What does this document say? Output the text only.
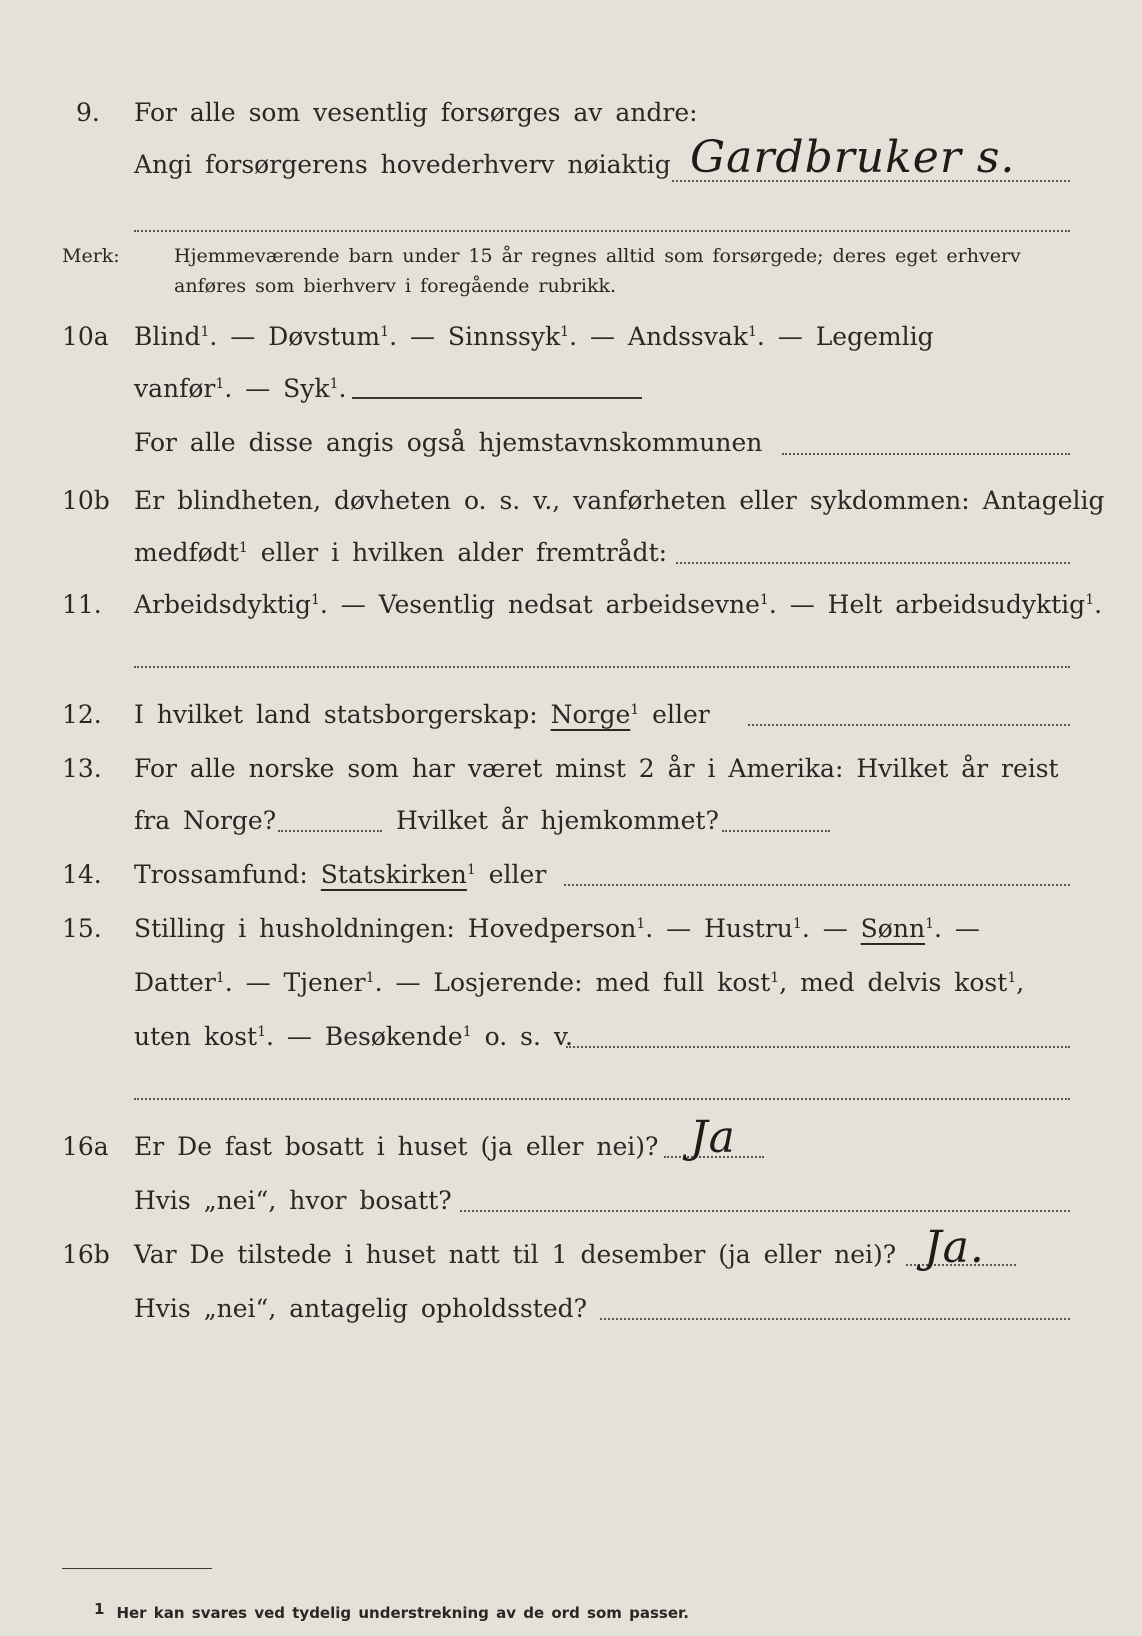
9. For alle som vesentlig forsørges av andre:
Angi forsørgerens hovederhverv nøiaktig Gardbruker s.
Merk:	Hjemmeværende barn under 15 år regnes alltid som forsørgede; deres eget erhverv
anføres som bierhverv i foregående rubrikk.
10a Blind$^1$. — Døvstum$^1$. — Sinnssyk$^1$. — Andssvak$^1$. — Legemlig
vanfør$^1$. — Syk$^1$.
For alle disse angis også hjemstavnskommunen
10b Er blindheten, døvheten o. s. v., vanførheten eller sykdommen: Antagelig
medfødt$^1$ eller i hvilken alder fremtrådt:
11. Arbeidsdyktig$^1$. — Vesentlig nedsat arbeidsevne$^1$. — Helt arbeidsudyktig$^1$.
12. I hvilket land statsborgerskap: Norge$^1$ eller
13. For alle norske som har været minst 2 år i Amerika: Hvilket år reist
fra Norge?	Hvilket år hjemkommet?
14. Trossamfund: Statskirken$^1$ eller
15. Stilling i husholdningen: Hovedperson$^1$. — Hustru$^1$. — Sønn$^1$. —
Datter$^1$. — Tjener$^1$. — Losjerende: med full kost$^1$, med delvis kost$^1$,
uten kost$^1$. — Besøkende$^1$ o. s. v.
16a Er De fast bosatt i huset (ja eller nei)? Ja
Hvis „nei“, hvor bosatt?
16b Var De tilstede i huset natt til 1 desember (ja eller nei)? Ja.
Hvis „nei“, antagelig opholdssted?
1 Her kan svares ved tydelig understrekning av de ord som passer.
